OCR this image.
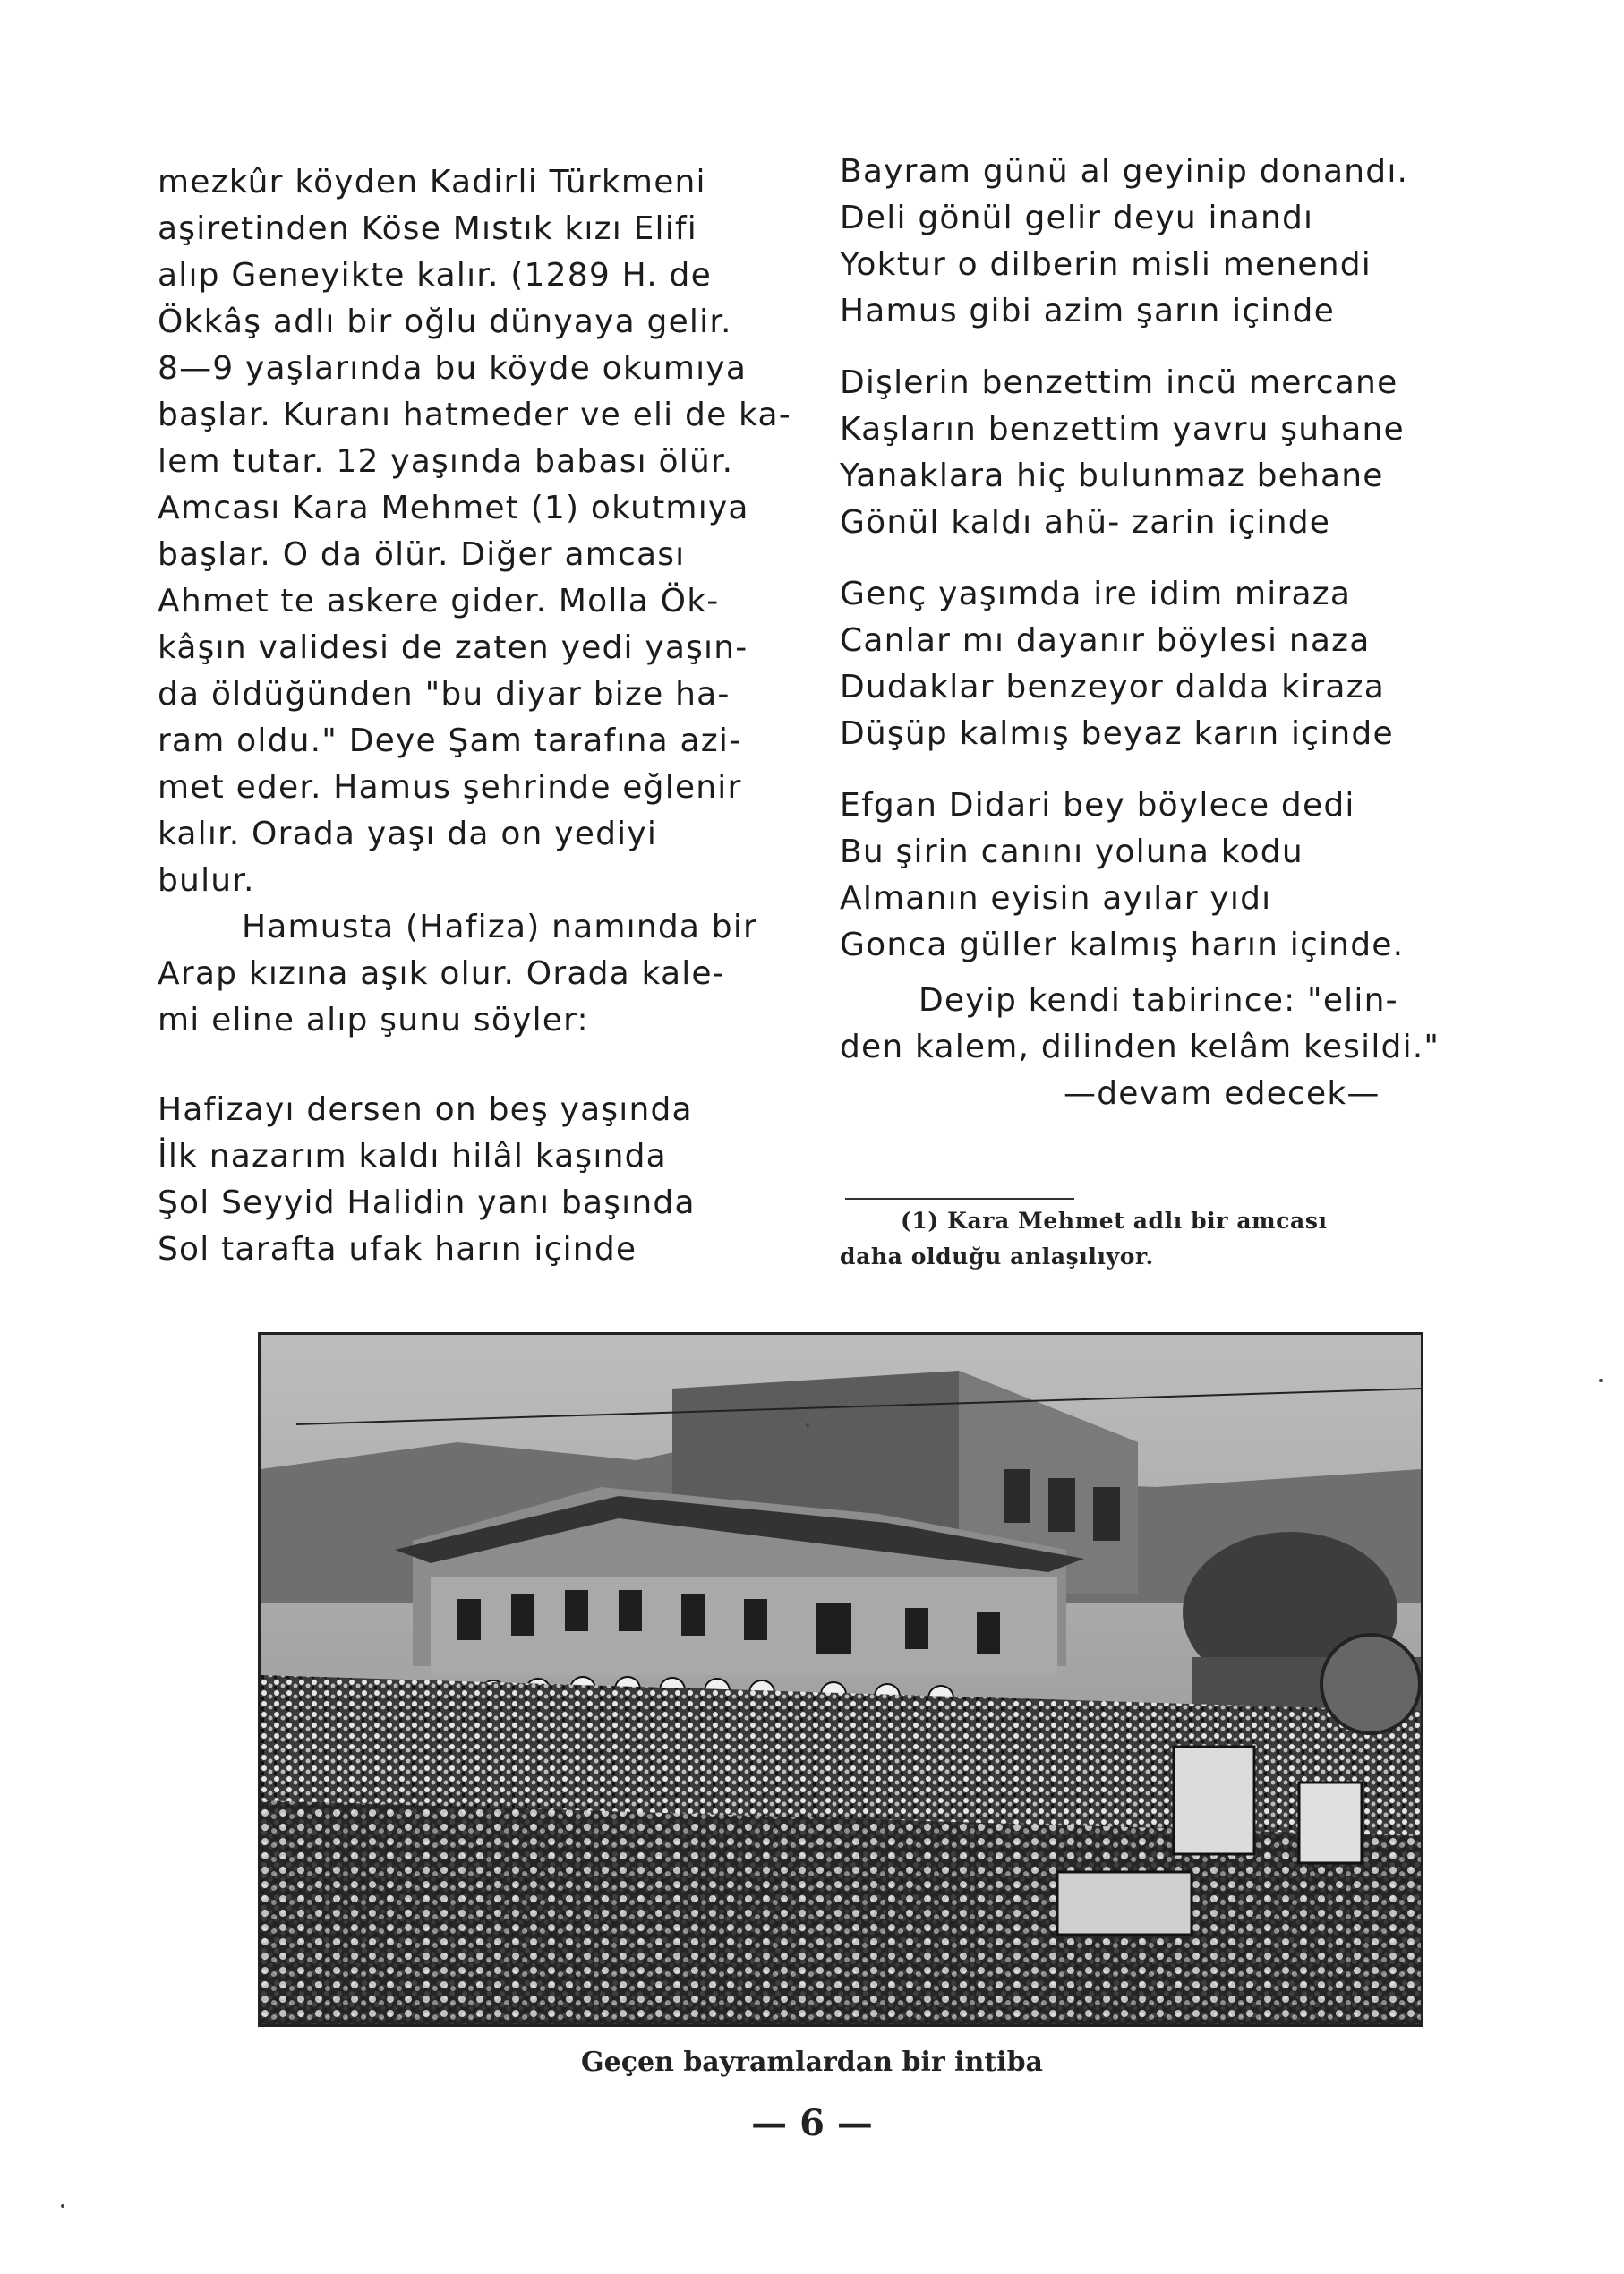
mezkûr köyden Kadirli Türkmeni
aşiretinden Köse Mıstık kızı Elifi
alıp Geneyikte kalır. (1289 H. de
Ökkâş adlı bir oğlu dünyaya gelir.
8—9 yaşlarında bu köyde okumıya
başlar. Kuranı hatmeder ve eli de ka-
lem tutar. 12 yaşında babası ölür.
Amcası Kara Mehmet (1) okutmıya
başlar. O da ölür. Diğer amcası
Ahmet te askere gider. Molla Ök-
kâşın validesi de zaten yedi yaşın-
da öldüğünden "bu diyar bize ha-
ram oldu." Deye Şam tarafına azi-
met eder. Hamus şehrinde eğlenir
kalır. Orada yaşı da on yediyi
bulur.
Hamusta (Hafiza) namında bir
Arap kızına aşık olur. Orada kale-
mi eline alıp şunu söyler:
Hafizayı dersen on beş yaşında
İlk nazarım kaldı hilâl kaşında
Şol Seyyid Halidin yanı başında
Sol tarafta ufak harın içinde
Bayram günü al geyinip donandı.
Deli gönül gelir deyu inandı
Yoktur o dilberin misli menendi
Hamus gibi azim şarın içinde
Dişlerin benzettim incü mercane
Kaşların benzettim yavru şuhane
Yanaklara hiç bulunmaz behane
Gönül kaldı ahü- zarin içinde
Genç yaşımda ire idim miraza
Canlar mı dayanır böylesi naza
Dudaklar benzeyor dalda kiraza
Düşüp kalmış beyaz karın içinde
Efgan Didari bey böylece dedi
Bu şirin canını yoluna kodu
Almanın eyisin ayılar yıdı
Gonca güller kalmış harın içinde.
Deyip kendi tabirince: "elin-
den kalem, dilinden kelâm kesildi."
—devam edecek—
(1) Kara Mehmet adlı bir amcası
daha olduğu anlaşılıyor.
Geçen bayramlardan bir intiba
— 6 —
